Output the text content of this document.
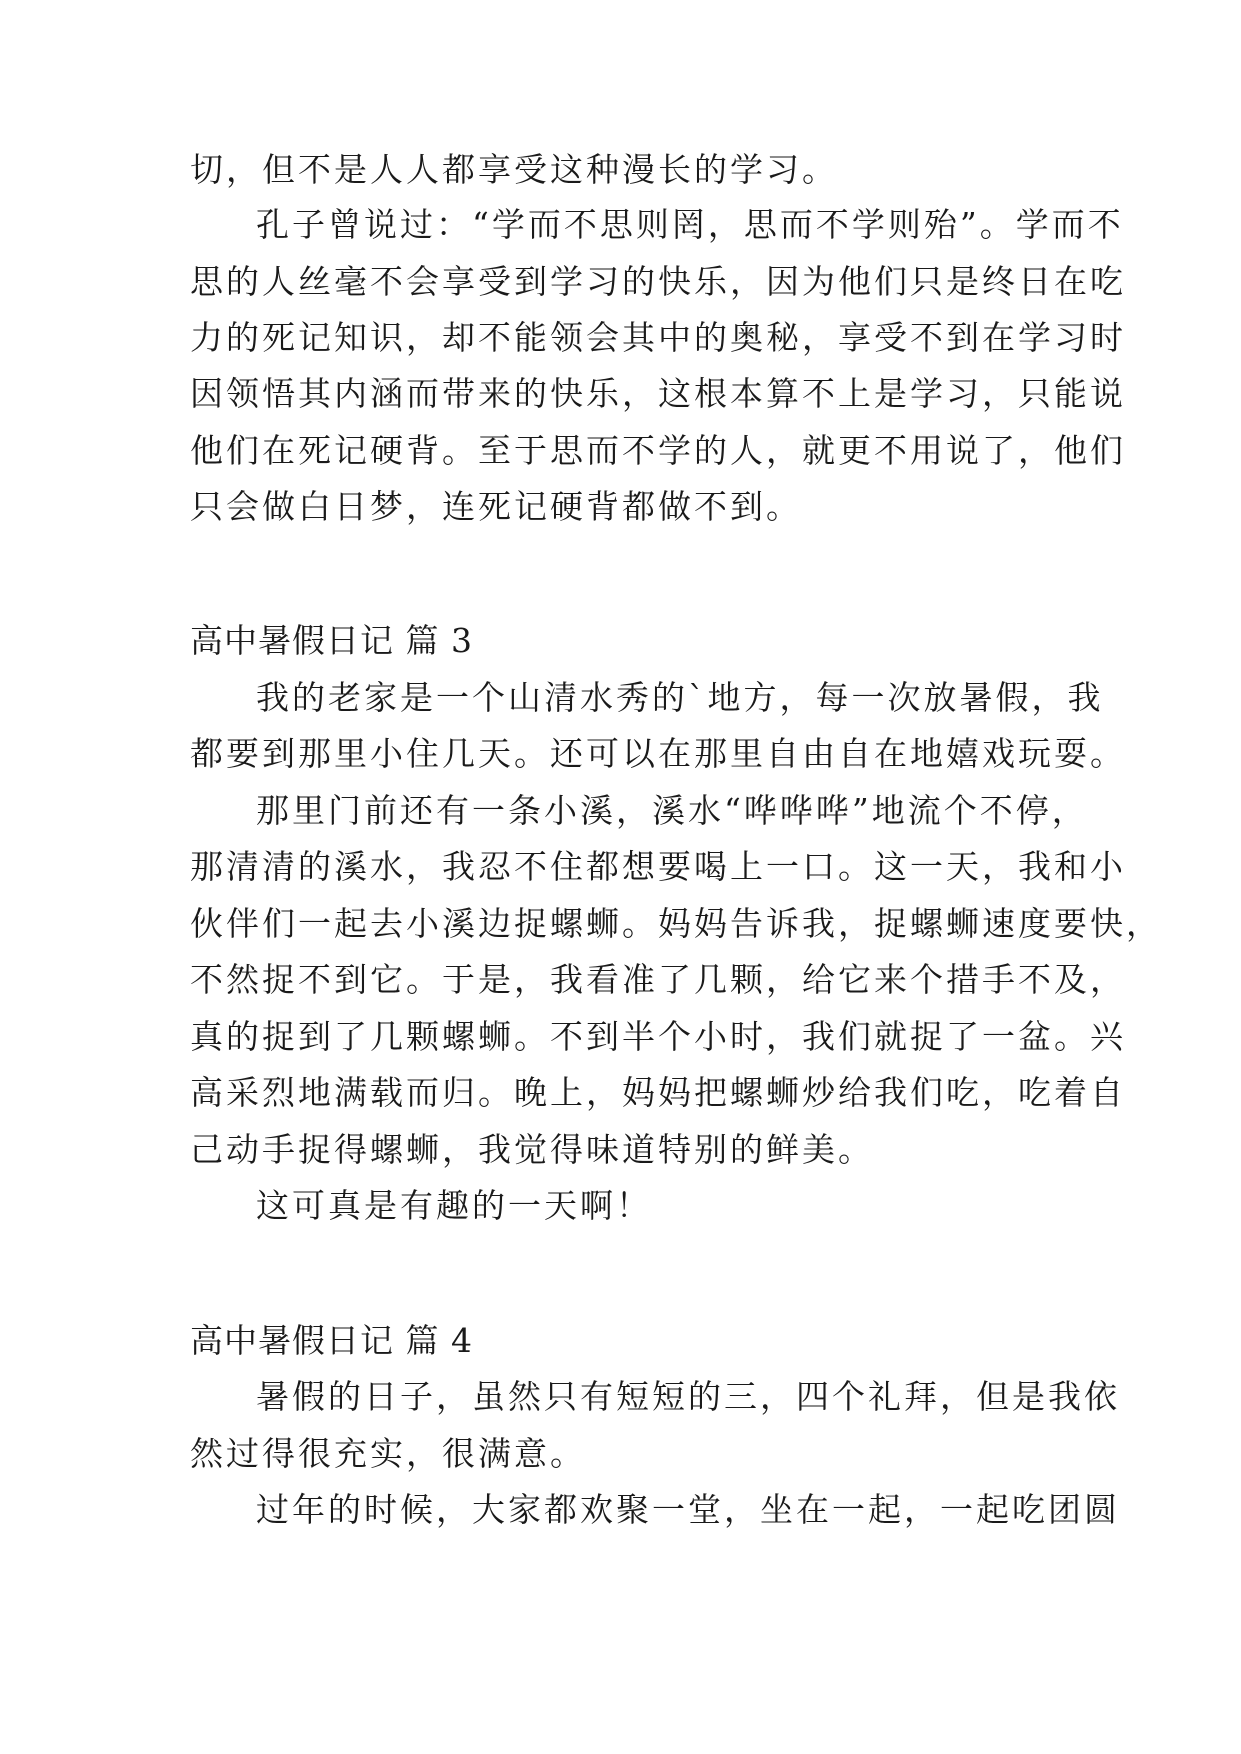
切，但不是人人都享受这种漫长的学习。
孔子曾说过：“学而不思则罔，思而不学则殆”。学而不
思的人丝毫不会享受到学习的快乐，因为他们只是终日在吃
力的死记知识，却不能领会其中的奥秘，享受不到在学习时
因领悟其内涵而带来的快乐，这根本算不上是学习，只能说
他们在死记硬背。至于思而不学的人，就更不用说了，他们
只会做白日梦，连死记硬背都做不到。
高中暑假日记 篇 3
我的老家是一个山清水秀的`地方，每一次放暑假，我
都要到那里小住几天。还可以在那里自由自在地嬉戏玩耍。
那里门前还有一条小溪，溪水“哗哗哗”地流个不停，
那清清的溪水，我忍不住都想要喝上一口。这一天，我和小
伙伴们一起去小溪边捉螺蛳。妈妈告诉我，捉螺蛳速度要快，
不然捉不到它。于是，我看准了几颗，给它来个措手不及，
真的捉到了几颗螺蛳。不到半个小时，我们就捉了一盆。兴
高采烈地满载而归。晚上，妈妈把螺蛳炒给我们吃，吃着自
己动手捉得螺蛳，我觉得味道特别的鲜美。
这可真是有趣的一天啊！
高中暑假日记 篇 4
暑假的日子，虽然只有短短的三，四个礼拜，但是我依
然过得很充实，很满意。
过年的时候，大家都欢聚一堂，坐在一起，一起吃团圆
